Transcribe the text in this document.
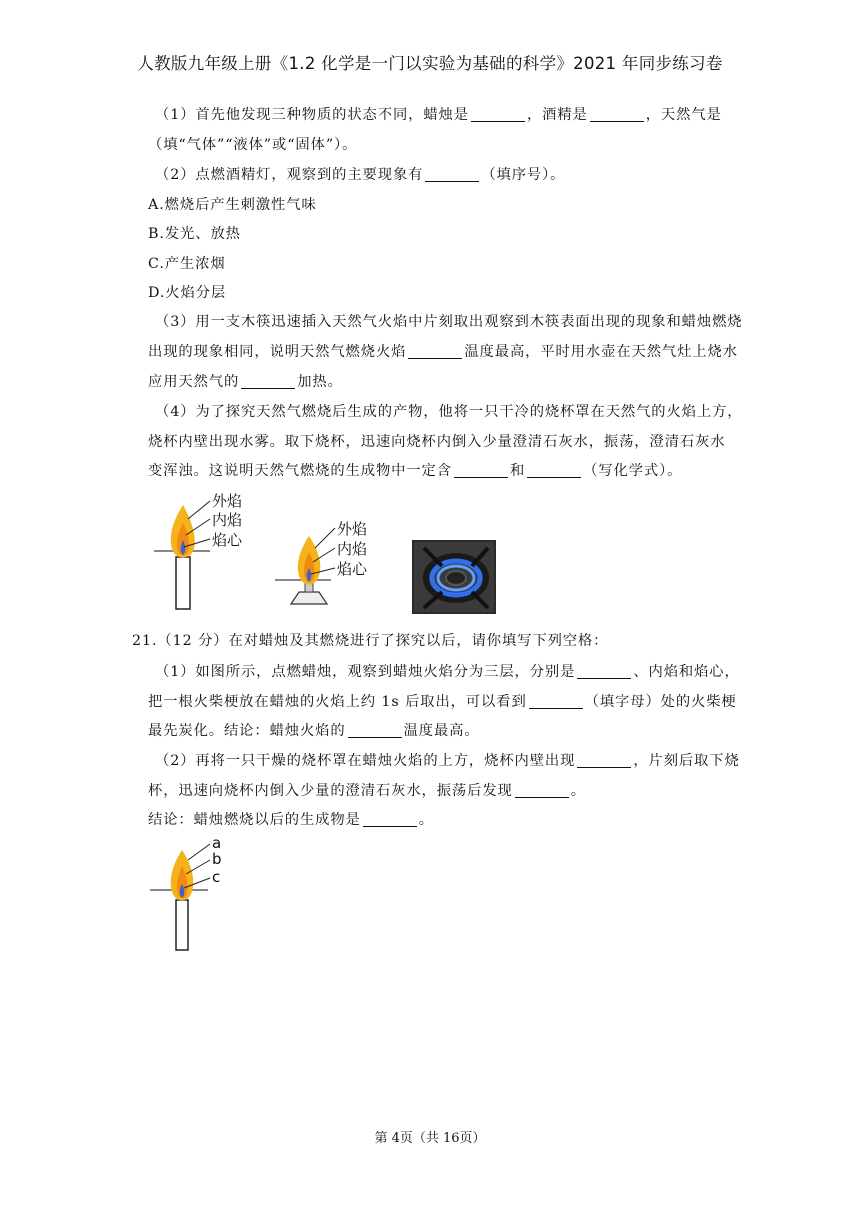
人教版九年级上册《1.2 化学是一门以实验为基础的科学》2021 年同步练习卷
（1）首先他发现三种物质的状态不同，蜡烛是	，酒精是	，天然气是
（填“气体”“液体”或“固体”）。
（2）点燃酒精灯，观察到的主要现象有	（填序号）。
A.燃烧后产生刺激性气味
B.发光、放热
C.产生浓烟
D.火焰分层
（3）用一支木筷迅速插入天然气火焰中片刻取出观察到木筷表面出现的现象和蜡烛燃烧
出现的现象相同，说明天然气燃烧火焰	温度最高，平时用水壶在天然气灶上烧水
应用天然气的	加热。
（4）为了探究天然气燃烧后生成的产物，他将一只干冷的烧杯罩在天然气的火焰上方，
烧杯内壁出现水雾。取下烧杯，迅速向烧杯内倒入少量澄清石灰水，振荡，澄清石灰水
变浑浊。这说明天然气燃烧的生成物中一定含	和	（写化学式）。
外焰
内焰
焰心
外焰
内焰
焰心
21.（12 分）在对蜡烛及其燃烧进行了探究以后，请你填写下列空格：
（1）如图所示，点燃蜡烛，观察到蜡烛火焰分为三层，分别是	、内焰和焰心，
把一根火柴梗放在蜡烛的火焰上约 1s 后取出，可以看到	（填字母）处的火柴梗
最先炭化。结论：蜡烛火焰的	温度最高。
（2）再将一只干燥的烧杯罩在蜡烛火焰的上方，烧杯内壁出现	，片刻后取下烧
杯，迅速向烧杯内倒入少量的澄清石灰水，振荡后发现	。
结论：蜡烛燃烧以后的生成物是	。
a
b
c
第 4页（共 16页）
